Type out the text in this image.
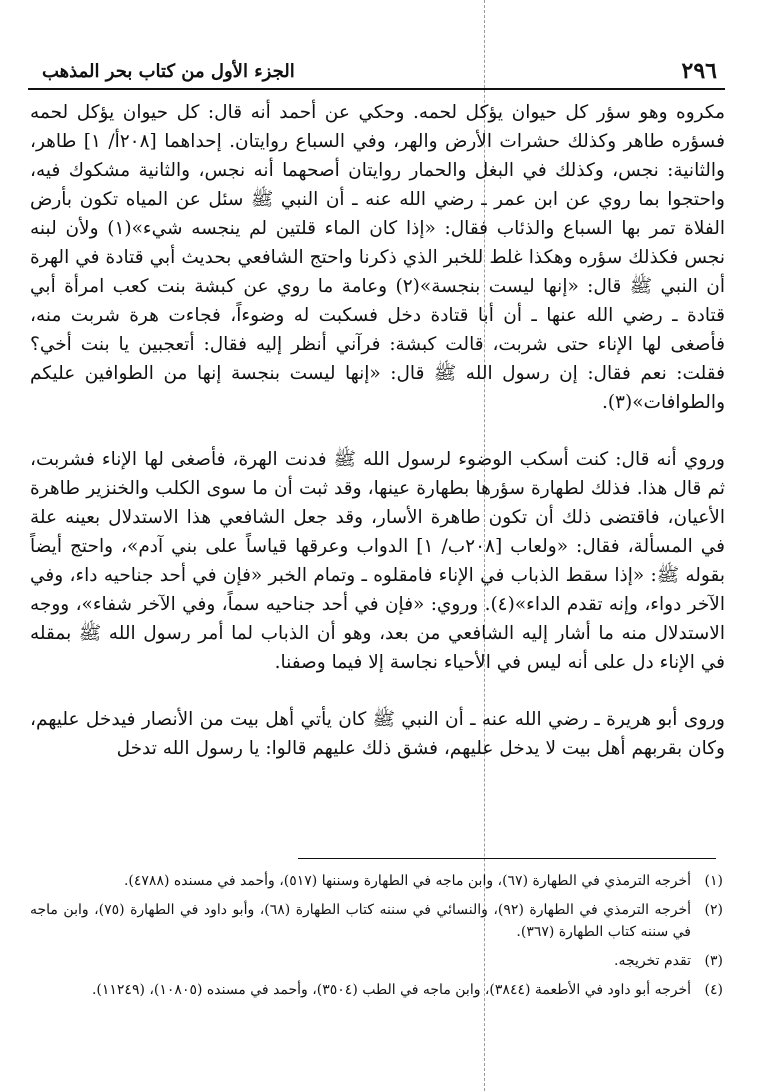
٢٩٦
الجزء الأول من كتاب بحر المذهب

مكروه وهو سؤر كل حيوان يؤكل لحمه. وحكي عن أحمد أنه قال: كل حيوان يؤكل لحمه فسؤره طاهر وكذلك حشرات الأرض والهر، وفي السباع روايتان. إحداهما [٢٠٨أ/ ١] طاهر، والثانية: نجس، وكذلك في البغل والحمار روايتان أصحهما أنه نجس، والثانية مشكوك فيه، واحتجوا بما روي عن ابن عمر ـ رضي الله عنه ـ أن النبي ﷺ سئل عن المياه تكون بأرض الفلاة تمر بها السباع والذئاب فقال: «إذا كان الماء قلتين لم ينجسه شيء»(١) ولأن لبنه نجس فكذلك سؤره وهكذا غلط للخبر الذي ذكرنا واحتج الشافعي بحديث أبي قتادة في الهرة أن النبي ﷺ قال: «إنها ليست بنجسة»(٢) وعامة ما روي عن كبشة بنت كعب امرأة أبي قتادة ـ رضي الله عنها ـ أن أبا قتادة دخل فسكبت له وضوءاً، فجاءت هرة شربت منه، فأصغى لها الإناء حتى شربت، قالت كبشة: فرآني أنظر إليه فقال: أتعجبين يا بنت أخي؟ فقلت: نعم فقال: إن رسول الله ﷺ قال: «إنها ليست بنجسة إنها من الطوافين عليكم والطوافات»(٣).

وروي أنه قال: كنت أسكب الوضوء لرسول الله ﷺ فدنت الهرة، فأصغى لها الإناء فشربت، ثم قال هذا. فذلك لطهارة سؤرها بطهارة عينها، وقد ثبت أن ما سوى الكلب والخنزير طاهرة الأعيان، فاقتضى ذلك أن تكون طاهرة الأسار، وقد جعل الشافعي هذا الاستدلال بعينه علة في المسألة، فقال: «ولعاب [٢٠٨ب/ ١] الدواب وعرقها قياساً على بني آدم»، واحتج أيضاً بقوله ﷺ: «إذا سقط الذباب في الإناء فامقلوه ـ وتمام الخبر «فإن في أحد جناحيه داء، وفي الآخر دواء، وإنه تقدم الداء»(٤). وروي: «فإن في أحد جناحيه سماً، وفي الآخر شفاء»، ووجه الاستدلال منه ما أشار إليه الشافعي من بعد، وهو أن الذباب لما أمر رسول الله ﷺ بمقله في الإناء دل على أنه ليس في الأحياء نجاسة إلا فيما وصفنا.

وروى أبو هريرة ـ رضي الله عنه ـ أن النبي ﷺ كان يأتي أهل بيت من الأنصار فيدخل عليهم، وكان بقربهم أهل بيت لا يدخل عليهم، فشق ذلك عليهم قالوا: يا رسول الله تدخل

(١)
أخرجه الترمذي في الطهارة (٦٧)، وابن ماجه في الطهارة وسننها (٥١٧)، وأحمد في مسنده (٤٧٨٨).
(٢)
أخرجه الترمذي في الطهارة (٩٢)، والنسائي في سننه كتاب الطهارة (٦٨)، وأبو داود في الطهارة (٧٥)، وابن ماجه في سننه كتاب الطهارة (٣٦٧).
(٣)
تقدم تخريجه.
(٤)
أخرجه أبو داود في الأطعمة (٣٨٤٤)، وابن ماجه في الطب (٣٥٠٤)، وأحمد في مسنده (١٠٨٠٥)، (١١٢٤٩).
